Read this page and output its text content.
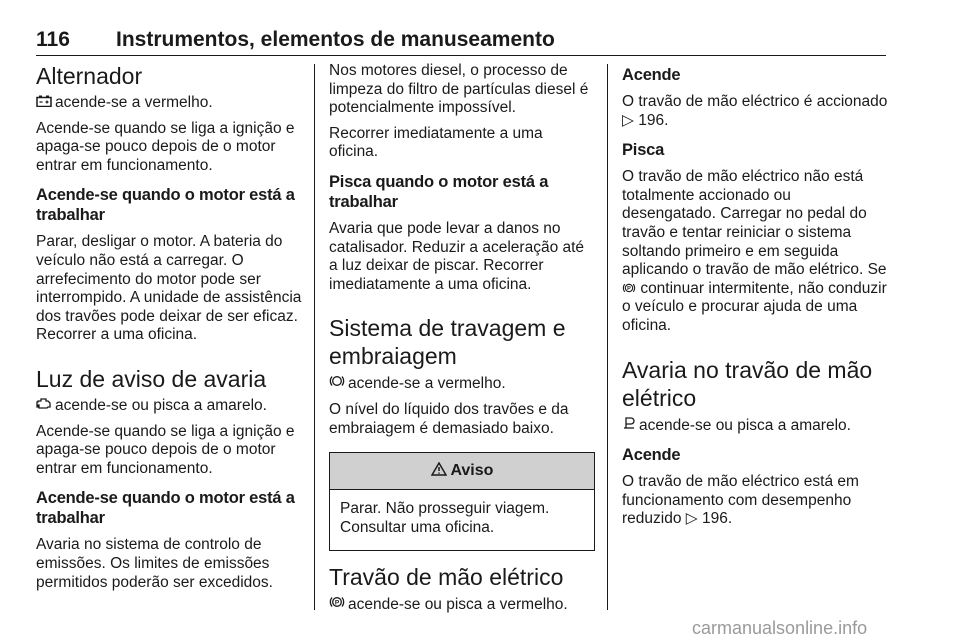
116 Instrumentos, elementos de manuseamento
Alternador

acende-se a vermelho.

Acende-se quando se liga a ignição e apaga-se pouco depois de o motor entrar em funcionamento.

Acende-se quando o motor está a trabalhar

Parar, desligar o motor. A bateria do veículo não está a carregar. O arrefecimento do motor pode ser interrompido. A unidade de assistência dos travões pode deixar de ser eficaz. Recorrer a uma oficina.

Luz de aviso de avaria

acende-se ou pisca a amarelo.

Acende-se quando se liga a ignição e apaga-se pouco depois de o motor entrar em funcionamento.

Acende-se quando o motor está a trabalhar

Avaria no sistema de controlo de emissões. Os limites de emissões permitidos poderão ser excedidos.

Nos motores diesel, o processo de limpeza do filtro de partículas diesel é potencialmente impossível.

Recorrer imediatamente a uma oficina.

Pisca quando o motor está a trabalhar

Avaria que pode levar a danos no catalisador. Reduzir a aceleração até a luz deixar de piscar. Recorrer imediatamente a uma oficina.

Sistema de travagem e embraiagem

acende-se a vermelho.

O nível do líquido dos travões e da embraiagem é demasiado baixo.

Aviso

Parar. Não prosseguir viagem. Consultar uma oficina.

Travão de mão elétrico

P acende-se ou pisca a vermelho.

Acende

O travão de mão eléctrico é accionado ▷ 196.

Pisca

O travão de mão eléctrico não está totalmente accionado ou desengatado. Carregar no pedal do travão e tentar reiniciar o sistema soltando primeiro e em seguida aplicando o travão de mão elétrico. Se
P continuar intermitente, não conduzir o veículo e procurar ajuda de uma oficina.

Avaria no travão de mão elétrico

acende-se ou pisca a amarelo.

Acende

O travão de mão eléctrico está em funcionamento com desempenho reduzido ▷ 196.

carmanualsonline.info
